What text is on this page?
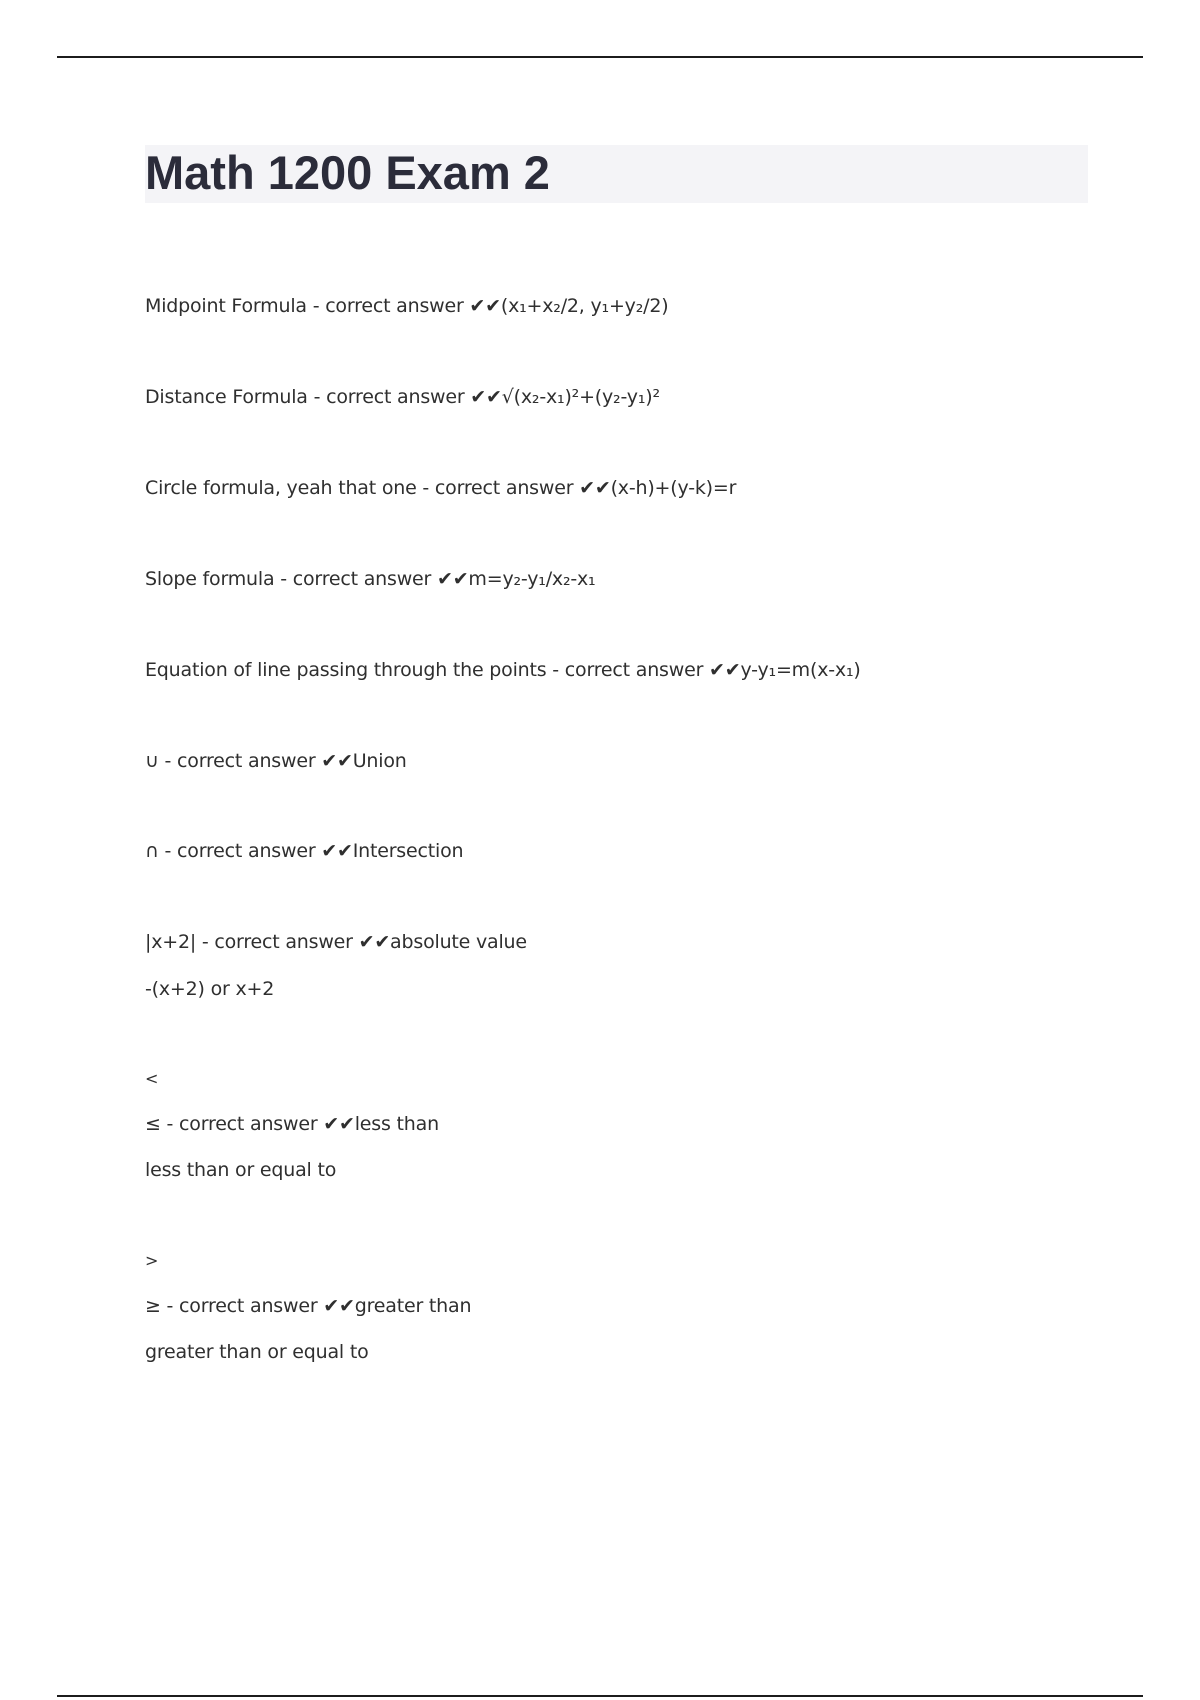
Math 1200 Exam 2

Midpoint Formula - correct answer ✔✔(x₁+x₂/2, y₁+y₂/2)

Distance Formula - correct answer ✔✔√(x₂-x₁)²+(y₂-y₁)²

Circle formula, yeah that one - correct answer ✔✔(x-h)+(y-k)=r

Slope formula - correct answer ✔✔m=y₂-y₁/x₂-x₁

Equation of line passing through the points - correct answer ✔✔y-y₁=m(x-x₁)

∪ - correct answer ✔✔Union

∩ - correct answer ✔✔Intersection

|x+2| - correct answer ✔✔absolute value

-(x+2) or x+2

<

≤ - correct answer ✔✔less than

less than or equal to

>

≥ - correct answer ✔✔greater than

greater than or equal to
